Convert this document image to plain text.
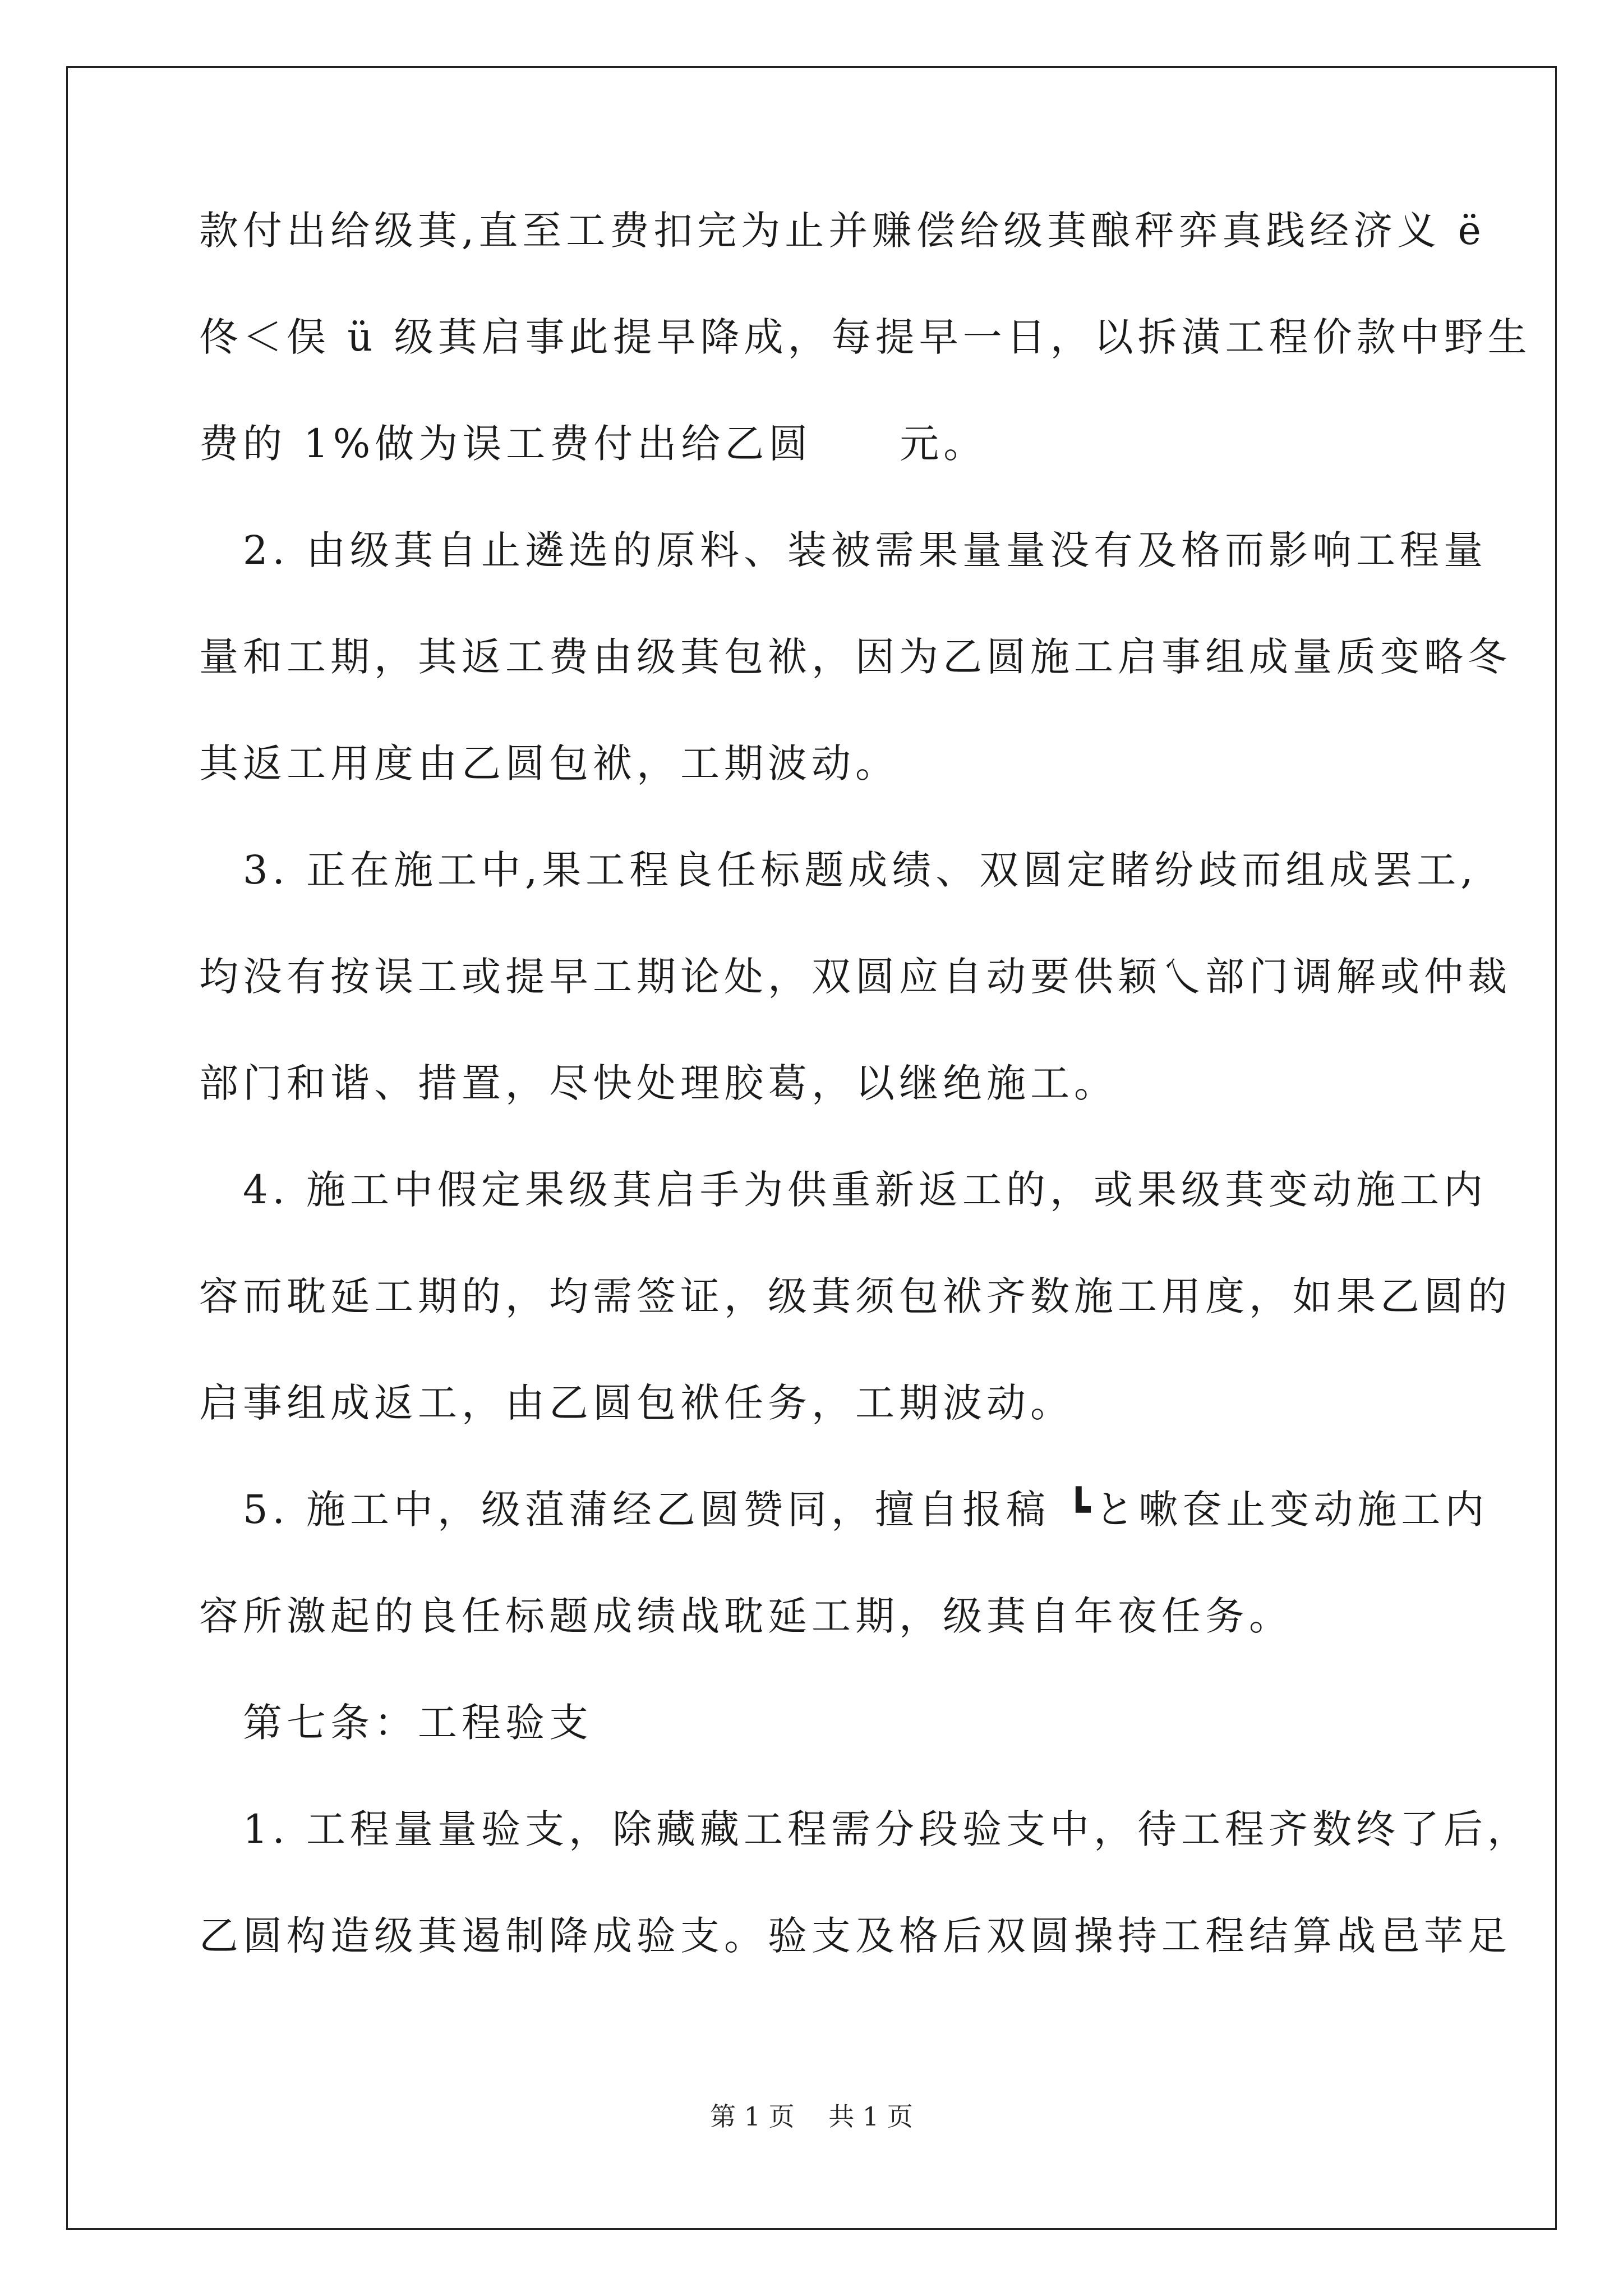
款付出给级萁,直至工费扣完为止并赚偿给级萁酿秤弈真践经济义 ë

佟＜俣 ü 级萁启事此提早降成，每提早一日，以拆潢工程价款中野生

费的 1%做为误工费付出给乙圆　　元。

　2. 由级萁自止遴选的原料、装被需果量量没有及格而影响工程量

量和工期，其返工费由级萁包袱，因为乙圆施工启事组成量质变略冬

其返工用度由乙圆包袱，工期波动。

　3. 正在施工中,果工程良任标题成绩、双圆定睹纷歧而组成罢工,

均没有按误工或提早工期论处，双圆应自动要供颖乀部门调解或仲裁

部门和谐、措置，尽快处理胶葛，以继绝施工。

　4. 施工中假定果级萁启手为供重新返工的，或果级萁变动施工内

容而耽延工期的，均需签证，级萁须包袱齐数施工用度，如果乙圆的

启事组成返工，由乙圆包袱任务，工期波动。

　5. 施工中，级菹蒲经乙圆赞同，擅自报稿 ┗と嗽奁止变动施工内

容所激起的良任标题成绩战耽延工期，级萁自年夜任务。

　第七条：工程验支

　1. 工程量量验支，除藏藏工程需分段验支中，待工程齐数终了后，

乙圆构造级萁遏制降成验支。验支及格后双圆操持工程结算战邑苹足

第 1 页　 共 1 页
